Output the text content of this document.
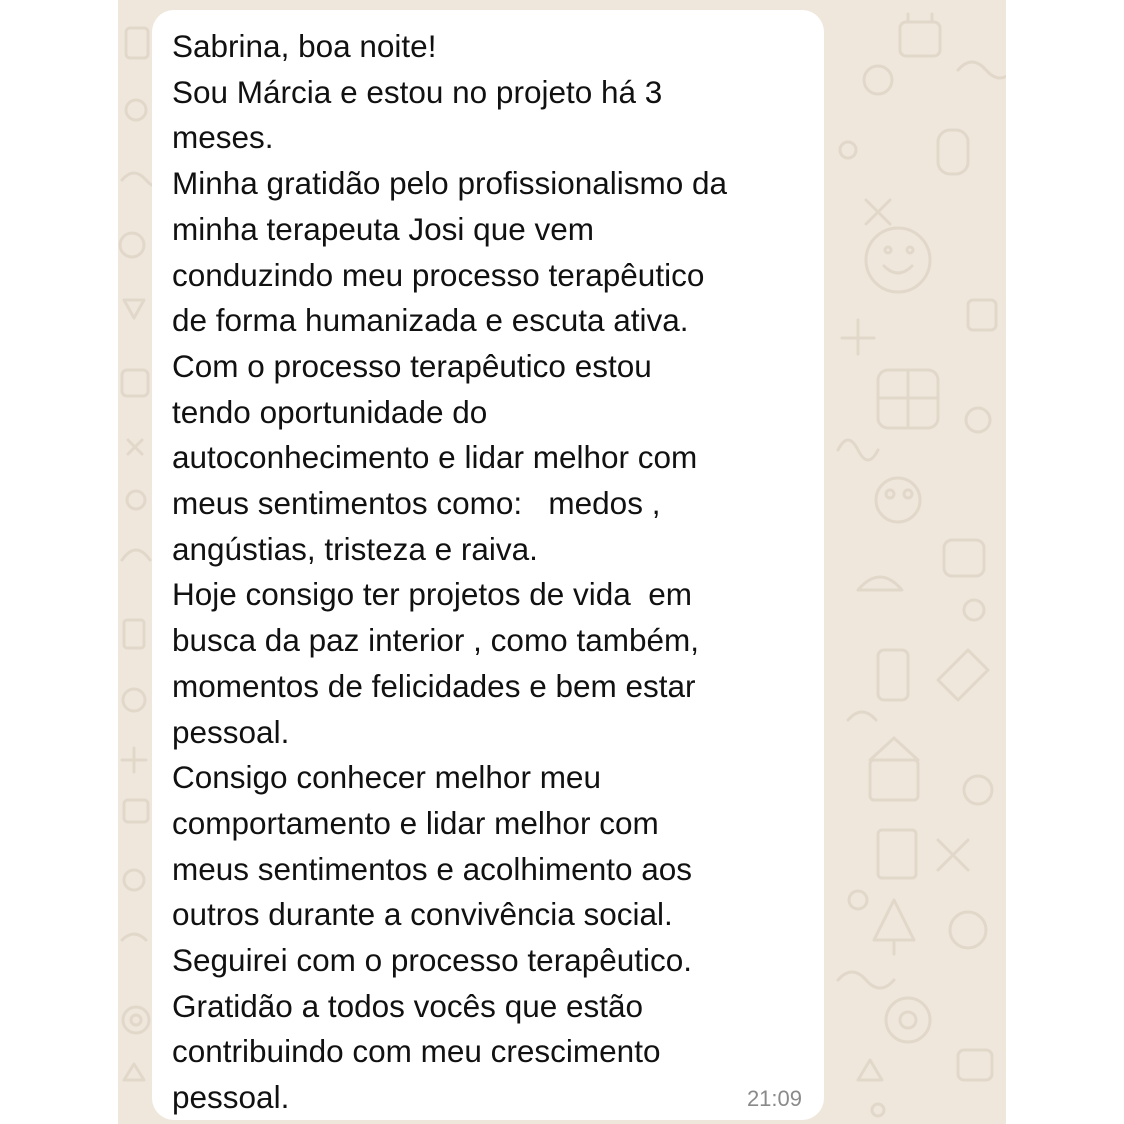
Sabrina, boa noite!
Sou Márcia e estou no projeto há 3
meses.
Minha gratidão pelo profissionalismo da
minha terapeuta Josi que vem
conduzindo meu processo terapêutico
de forma humanizada e escuta ativa.
Com o processo terapêutico estou
tendo oportunidade do
autoconhecimento e lidar melhor com
meus sentimentos como:   medos ,
angústias, tristeza e raiva.
Hoje consigo ter projetos de vida  em
busca da paz interior , como também,
momentos de felicidades e bem estar
pessoal.
Consigo conhecer melhor meu
comportamento e lidar melhor com
meus sentimentos e acolhimento aos
outros durante a convivência social.
Seguirei com o processo terapêutico.
Gratidão a todos vocês que estão
contribuindo com meu crescimento
pessoal.	21:09
